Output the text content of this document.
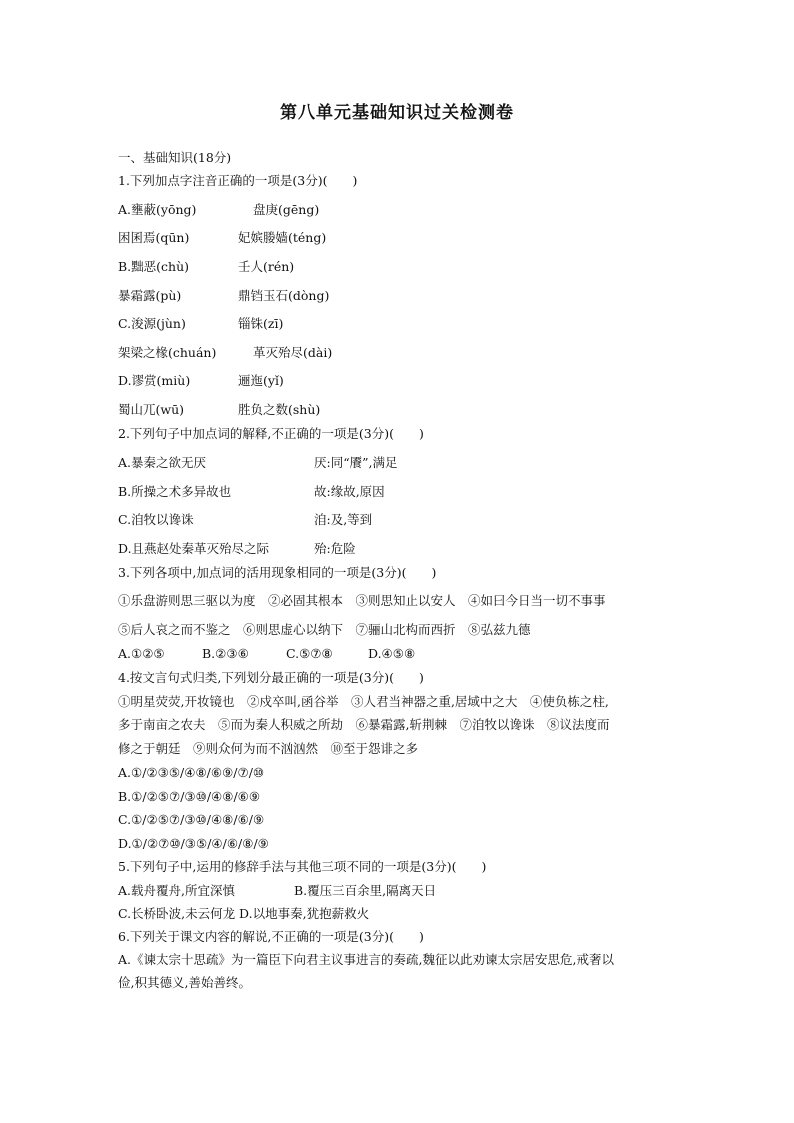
第八单元基础知识过关检测卷
一、基础知识(18分)
1.下列加点字注音正确的一项是(3分)(　　)
A.壅蔽(yōng)	盘庚(gēng)
困囷焉(qūn)	妃嫔媵嫱(téng)
B.黜恶(chù)	壬人(rén)
暴霜露(pù)	鼎铛玉石(dòng)
C.浚源(jùn)	锱铢(zī)
架梁之椽(chuán)	革灭殆尽(dài)
D.谬赏(miù)	逦迤(yǐ)
蜀山兀(wū)	胜负之数(shù)
2.下列句子中加点词的解释,不正确的一项是(3分)(　　)
A.暴秦之欲无厌	厌:同“餍”,满足
B.所操之术多异故也	故:缘故,原因
C.洎牧以谗诛	洎:及,等到
D.且燕赵处秦革灭殆尽之际	殆:危险
3.下列各项中,加点词的活用现象相同的一项是(3分)(　　)
①乐盘游则思三驱以为度　②必固其根本　③则思知止以安人　④如曰今日当一切不事事
⑤后人哀之而不鉴之　⑥则思虚心以纳下　⑦骊山北构而西折　⑧弘兹九德
A.①②⑤	B.②③⑥	C.⑤⑦⑧	D.④⑤⑧
4.按文言句式归类,下列划分最正确的一项是(3分)(　　)
①明星荧荧,开妆镜也　②戍卒叫,函谷举　③人君当神器之重,居域中之大　④使负栋之柱,
多于南亩之农夫　⑤而为秦人积威之所劫　⑥暴霜露,斩荆棘　⑦洎牧以谗诛　⑧议法度而
修之于朝廷　⑨则众何为而不汹汹然　⑩至于怨诽之多
A.①/②③⑤/④⑧/⑥⑨/⑦/⑩
B.①/②⑤⑦/③⑩/④⑧/⑥⑨
C.①/②⑤⑦/③⑩/④⑧/⑥/⑨
D.①/②⑦⑩/③⑤/④/⑥/⑧/⑨
5.下列句子中,运用的修辞手法与其他三项不同的一项是(3分)(　　)
A.载舟覆舟,所宜深慎	B.覆压三百余里,隔离天日
C.长桥卧波,未云何龙 D.以地事秦,犹抱薪救火
6.下列关于课文内容的解说,不正确的一项是(3分)(　　)
A.《谏太宗十思疏》为一篇臣下向君主议事进言的奏疏,魏征以此劝谏太宗居安思危,戒奢以
俭,积其德义,善始善终。
